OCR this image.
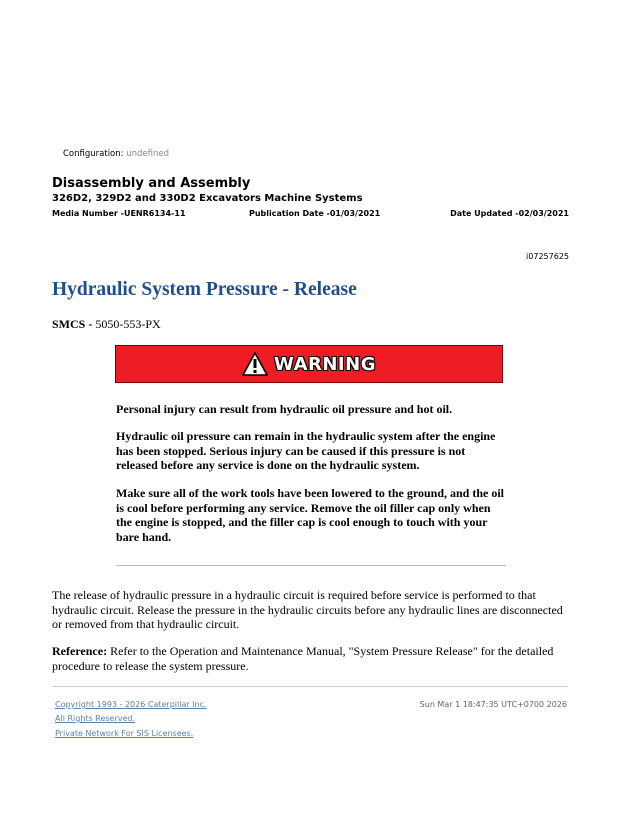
Configuration: undefined
Disassembly and Assembly
326D2, 329D2 and 330D2 Excavators Machine Systems
Media Number -UENR6134-11	Publication Date -01/03/2021	Date Updated -02/03/2021
i07257625
Hydraulic System Pressure - Release
SMCS - 5050-553-PX
WARNING
Personal injury can result from hydraulic oil pressure and hot oil.
Hydraulic oil pressure can remain in the hydraulic system after the engine has been stopped. Serious injury can be caused if this pressure is not released before any service is done on the hydraulic system.
Make sure all of the work tools have been lowered to the ground, and the oil is cool before performing any service. Remove the oil filler cap only when the engine is stopped, and the filler cap is cool enough to touch with your bare hand.
The release of hydraulic pressure in a hydraulic circuit is required before service is performed to that hydraulic circuit. Release the pressure in the hydraulic circuits before any hydraulic lines are disconnected or removed from that hydraulic circuit.
Reference: Refer to the Operation and Maintenance Manual, "System Pressure Release" for the detailed procedure to release the system pressure.
Copyright 1993 - 2026 Caterpillar Inc.
All Rights Reserved.
Private Network For SIS Licensees.
Sun Mar 1 18:47:35 UTC+0700 2026
